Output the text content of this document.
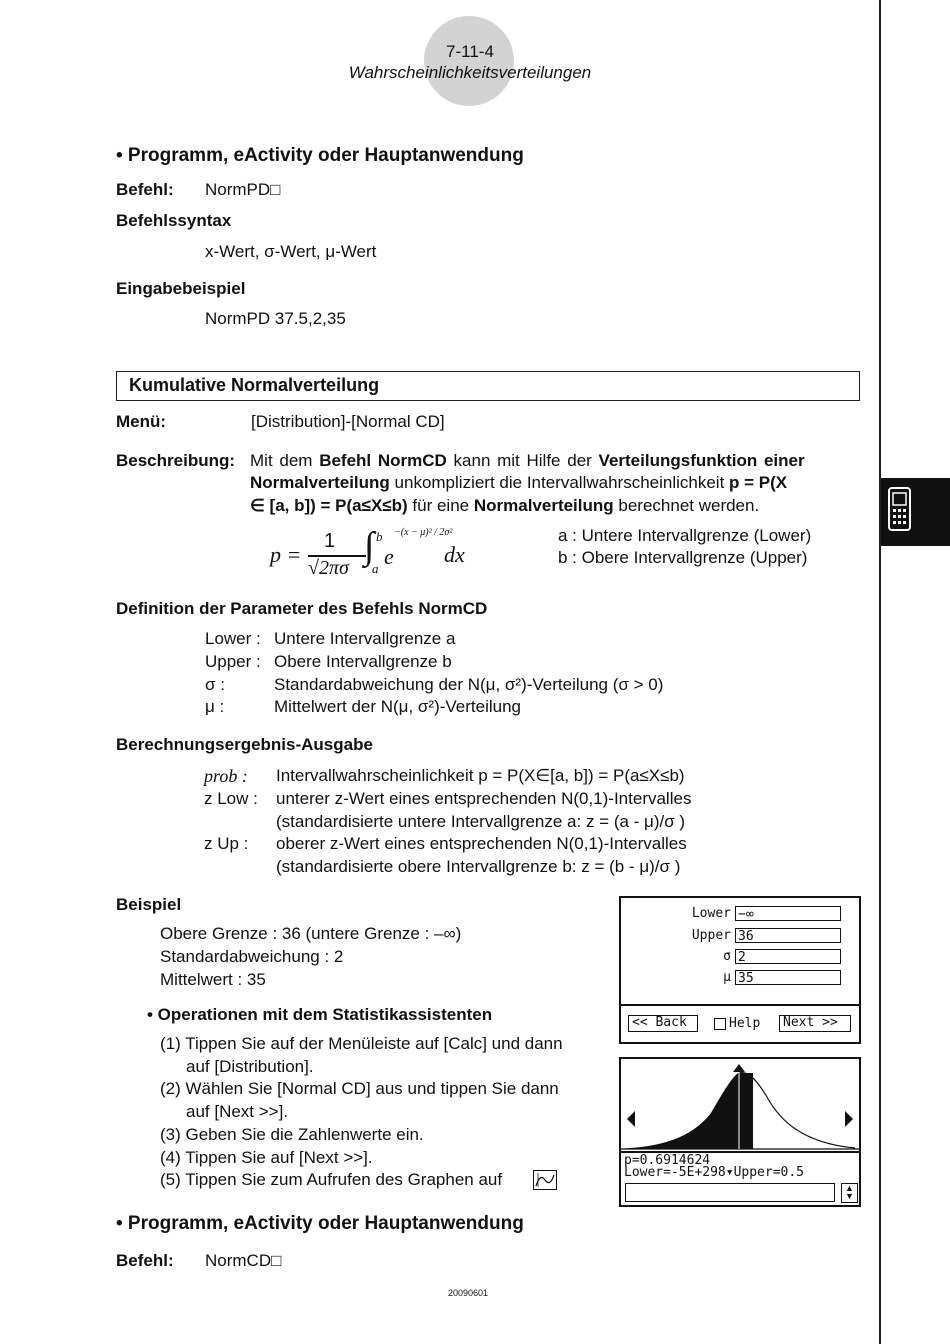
7-11-4
Wahrscheinlichkeitsverteilungen
• Programm, eActivity oder Hauptanwendung
Befehl: NormPD□
Befehlssyntax
x-Wert, σ-Wert, μ-Wert
Eingabebeispiel
NormPD 37.5,2,35
Kumulative Normalverteilung
Menü:	[Distribution]-[Normal CD]
Beschreibung: Mit dem Befehl NormCD kann mit Hilfe der Verteilungsfunktion einer
Normalverteilung unkompliziert die Intervallwahrscheinlichkeit p = P(X
∈ [a, b]) = P(a≤X≤b) für eine Normalverteilung berechnet werden.
p =
1
√2πσ
∫ b
a e
−(x − μ)² / 2σ²
dx
a : Untere Intervallgrenze (Lower)
b : Obere Intervallgrenze (Upper)
Definition der Parameter des Befehls NormCD
Lower : Untere Intervallgrenze a
Upper : Obere Intervallgrenze b
σ :	Standardabweichung der N(μ, σ²)-Verteilung (σ > 0)
μ :	Mittelwert der N(μ, σ²)-Verteilung
Berechnungsergebnis-Ausgabe
prob : Intervallwahrscheinlichkeit p = P(X∈[a, b]) = P(a≤X≤b)
z Low : unterer z-Wert eines entsprechenden N(0,1)-Intervalles
(standardisierte untere Intervallgrenze a: z = (a - μ)/σ )
z Up : oberer z-Wert eines entsprechenden N(0,1)-Intervalles
(standardisierte obere Intervallgrenze b: z = (b - μ)/σ )
Beispiel
Obere Grenze : 36 (untere Grenze : –∞)
Standardabweichung : 2
Mittelwert : 35
• Operationen mit dem Statistikassistenten
(1) Tippen Sie auf der Menüleiste auf [Calc] und dann
auf [Distribution].
(2) Wählen Sie [Normal CD] aus und tippen Sie dann
auf [Next >>].
(3) Geben Sie die Zahlenwerte ein.
(4) Tippen Sie auf [Next >>].
(5) Tippen Sie zum Aufrufen des Graphen auf
Lower −∞
Upper 36
σ 2
μ 35
<< Back	Help	Next >>
p=0.6914624
Lower=-5E+298▾Upper=0.5
▲
▼
• Programm, eActivity oder Hauptanwendung
Befehl: NormCD□
20090601
